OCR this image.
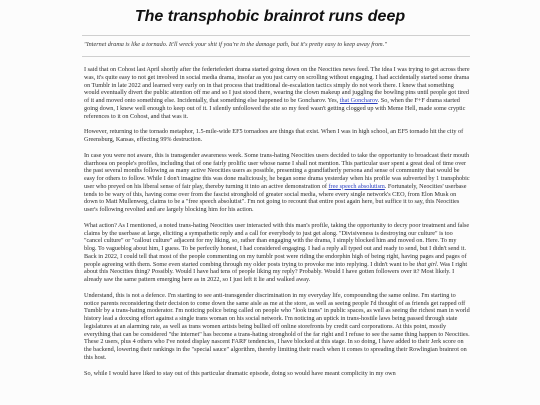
The transphobic brainrot runs deep
"Internet drama is like a tornado. It'll wreck your shit if you're in the damage path, but it's pretty easy to keep away from."

I said that on Cohost last April shortly after the federtefederi drama started going down on the Neocities news feed. The idea I was trying to get across there was, it's quite easy to not get involved in social media drama, insofar as you just carry on scrolling without engaging. I had accidentally started some drama on Tumblr in late 2022 and learned very early on in that process that traditional de-escalation tactics simply do not work there. I knew that something would eventually divert the public attention off me and so I just stood there, wearing the clown makeup and juggling the bowling pins until people got tired of it and moved onto something else. Incidentally, that something else happened to be Goncharov. Yes, that Goncharov. So, when the F+F drama started going down, I knew well enough to keep out of it. I silently unfollowed the site so my feed wasn't getting clogged up with Meme Hell, made some cryptic references to it on Cohost, and that was it.

However, returning to the tornado metaphor, 1.5-mile-wide EF5 tornadoes are things that exist. When I was in high school, an EF5 tornado hit the city of Greensburg, Kansas, effecting 99% destruction.

In case you were not aware, this is transgender awareness week. Some trans-hating Neocities users decided to take the opportunity to broadcast their mouth diarrhoea on people's profiles, including that of one fairly prolific user whose name I shall not mention. This particular user spent a great deal of time over the past several months following as many active Neocities users as possible, presenting a grandfatherly persona and sense of community that would be easy for others to follow. While I don't imagine this was done maliciously, he began some drama yesterday when his profile was subverted by 1 transphobic user who preyed on his liberal sense of fair play, thereby turning it into an active demonstration of free speech absolutism. Fortunately, Neocities' userbase tends to be wary of this, having come over from the fascist stronghold of greater social media, where every single network's CEO, from Elon Musk on down to Matt Mullenweg, claims to be a "free speech absolutist". I'm not going to recount that entire post again here, but suffice it to say, this Neocities user's following revolted and are largely blocking him for his action.

What action? As I mentioned, a noted trans-hating Neocities user interacted with this man's profile, taking the opportunity to decry poor treatment and false claims by the userbase at large, eliciting a sympathetic reply and a call for everybody to just get along. "Divisiveness is destroying our culture" is too "cancel culture" or "callout culture" adjacent for my liking, so, rather than engaging with the drama, I simply blocked him and moved on. Here. To my blog. To vagueblog about him, I guess. To be perfectly honest, I had considered engaging. I had a reply all typed out and ready to send, but I didn't send it. Back in 2022, I could tell that most of the people commenting on my tumblr post were riding the endorphin high of being right, having pages and pages of people agreeing with them. Some even started combing through my older posts trying to provoke me into replying. I didn't want to be that girl. Was I right about this Neocities thing? Possibly. Would I have had tens of people liking my reply? Probably. Would I have gotten followers over it? Most likely. I already saw the same pattern emerging here as in 2022, so I just left it lie and walked away.

Understand, this is not a defence. I'm starting to see anti-transgender discrimination in my everyday life, compounding the same online. I'm starting to notice parents reconsidering their decision to come down the same aisle as me at the store, as well as seeing people I'd thought of as friends get rapped off Tumblr by a trans-hating moderator. I'm noticing police being called on people who "look trans" in public spaces, as well as seeing the richest man in world history lead a doxxing effort against a single trans woman on his social network. I'm noticing an uptick in trans-hostile laws being passed through state legislatures at an alarming rate, as well as trans women artists being bullied off online storefronts by credit card corporations. At this point, mostly everything that can be considered "the internet" has become a trans-hating stronghold of the far right and I refuse to see the same thing happen to Neocities. These 2 users, plus 4 others who I've noted display nascent FARF tendencies, I have blocked at this stage. In so doing, I have added to their Jerk score on the backend, lowering their rankings in the "special sauce" algorithm, thereby limiting their reach when it comes to spreading their Rowlingian brainrot on this host.

So, while I would have liked to stay out of this particular dramatic episode, doing so would have meant complicity in my own
